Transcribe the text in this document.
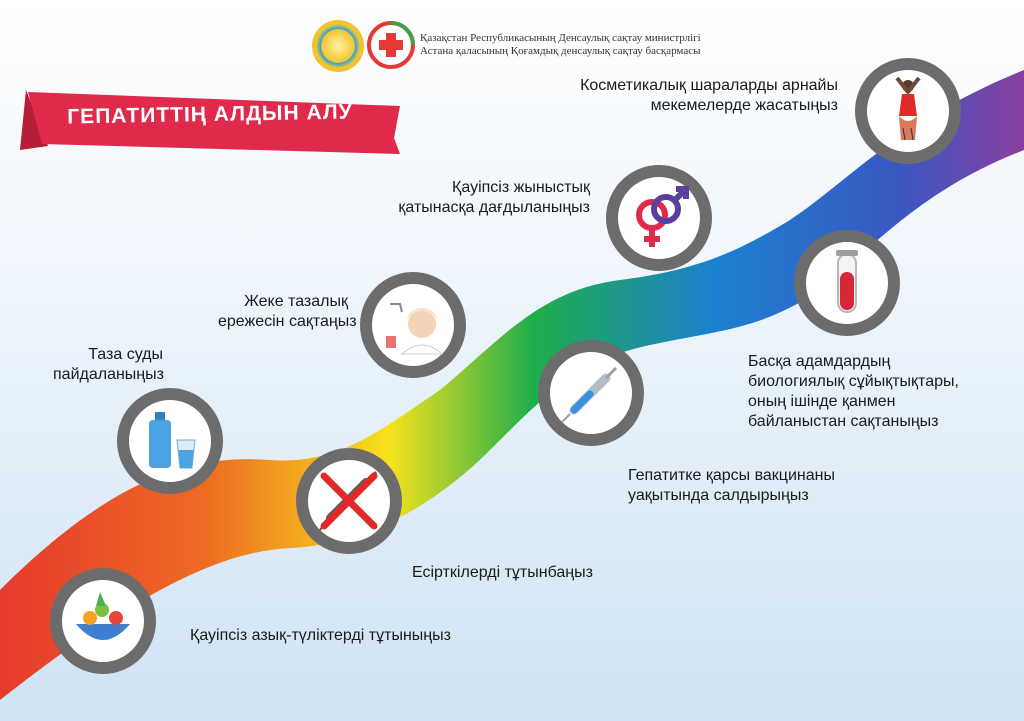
Қазақстан Республикасының Денсаулық сақтау министрлігі
Астана қаласының Қоғамдық денсаулық сақтау басқармасы
ГЕПАТИТТІҢ АЛДЫН АЛУ
Қауіпсіз азық-түліктерді тұтыныңыз
Таза суды
пайдаланыңыз
Есірткілерді тұтынбаңыз
Жеке тазалық
ережесін сақтаңыз
Гепатитке қарсы вакцинаны
уақытында салдырыңыз
Қауіпсіз жыныстық
қатынасқа дағдыланыңыз
Басқа адамдардың
биологиялық сұйықтықтары,
оның ішінде қанмен
байланыстан сақтаныңыз
Косметикалық шараларды арнайы
мекемелерде жасатыңыз
